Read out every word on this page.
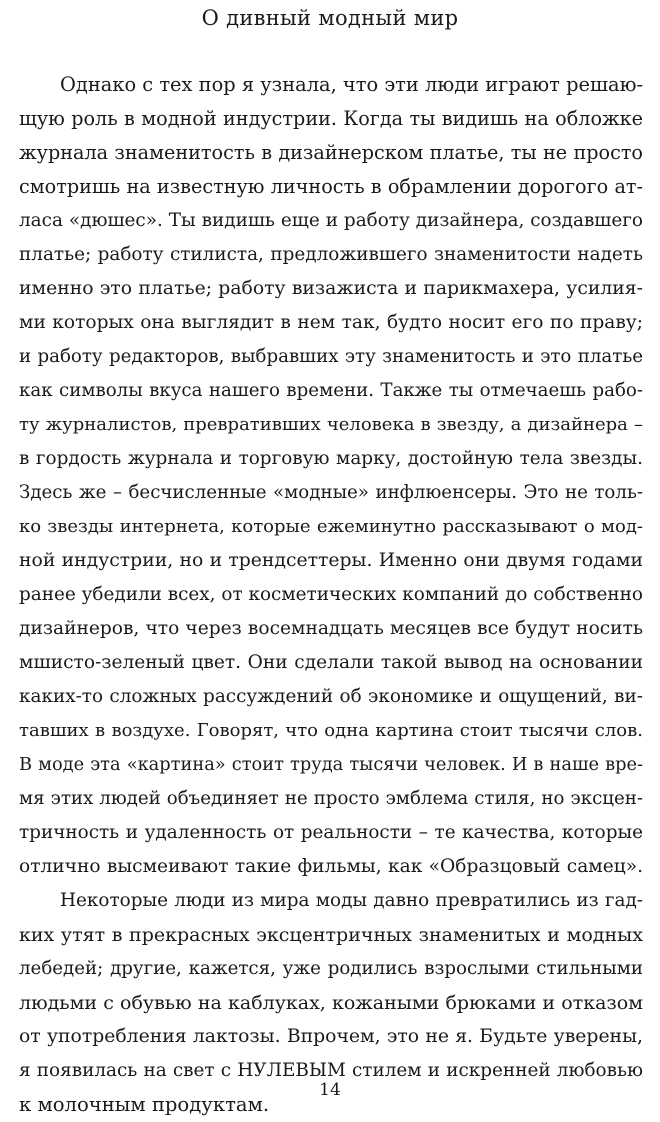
О дивный модный мир
Однако с тех пор я узнала, что эти люди играют решаю-
щую роль в модной индустрии. Когда ты видишь на обложке
журнала знаменитость в дизайнерском платье, ты не просто
смотришь на известную личность в обрамлении дорогого ат-
ласа «дюшес». Ты видишь еще и работу дизайнера, создавшего
платье; работу стилиста, предложившего знаменитости надеть
именно это платье; работу визажиста и парикмахера, усилия-
ми которых она выглядит в нем так, будто носит его по праву;
и работу редакторов, выбравших эту знаменитость и это платье
как символы вкуса нашего времени. Также ты отмечаешь рабо-
ту журналистов, превративших человека в звезду, а дизайнера –
в гордость журнала и торговую марку, достойную тела звезды.
Здесь же – бесчисленные «модные» инфлюенсеры. Это не толь-
ко звезды интернета, которые ежеминутно рассказывают о мод-
ной индустрии, но и трендсеттеры. Именно они двумя годами
ранее убедили всех, от косметических компаний до собственно
дизайнеров, что через восемнадцать месяцев все будут носить
мшисто-зеленый цвет. Они сделали такой вывод на основании
каких-то сложных рассуждений об экономике и ощущений, ви-
тавших в воздухе. Говорят, что одна картина стоит тысячи слов.
В моде эта «картина» стоит труда тысячи человек. И в наше вре-
мя этих людей объединяет не просто эмблема стиля, но эксцен-
тричность и удаленность от реальности – те качества, которые
отлично высмеивают такие фильмы, как «Образцовый самец».
Некоторые люди из мира моды давно превратились из гад-
ких утят в прекрасных эксцентричных знаменитых и модных
лебедей; другие, кажется, уже родились взрослыми стильными
людьми с обувью на каблуках, кожаными брюками и отказом
от употребления лактозы. Впрочем, это не я. Будьте уверены,
я появилась на свет с НУЛЕВЫМ стилем и искренней любовью
к молочным продуктам.
14
